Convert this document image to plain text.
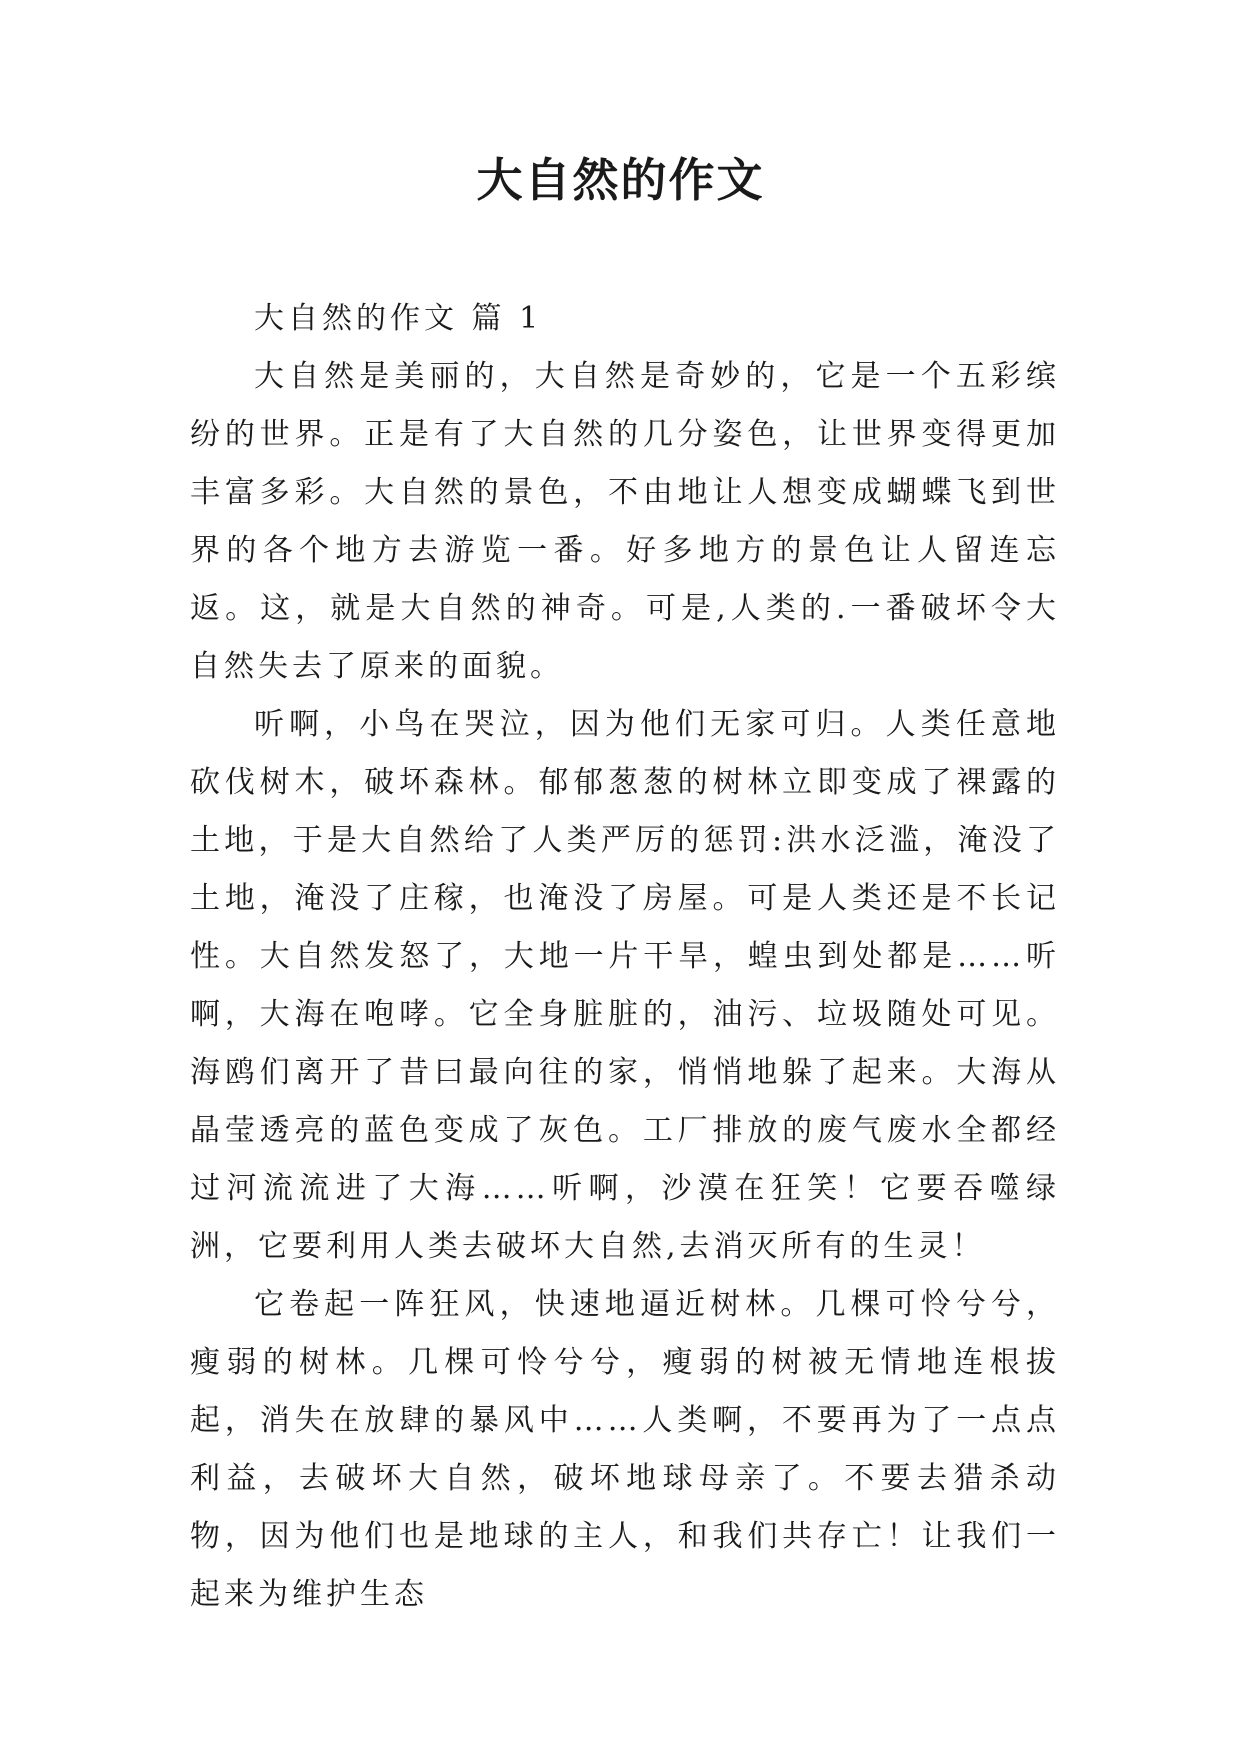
大自然的作文

大自然的作文 篇 1

大自然是美丽的，大自然是奇妙的，它是一个五彩缤纷的世界。正是有了大自然的几分姿色，让世界变得更加丰富多彩。大自然的景色，不由地让人想变成蝴蝶飞到世界的各个地方去游览一番。好多地方的景色让人留连忘返。这，就是大自然的神奇。可是,人类的.一番破坏令大自然失去了原来的面貌。

听啊，小鸟在哭泣，因为他们无家可归。人类任意地砍伐树木，破坏森林。郁郁葱葱的树林立即变成了裸露的土地，于是大自然给了人类严厉的惩罚:洪水泛滥，淹没了土地，淹没了庄稼，也淹没了房屋。可是人类还是不长记性。大自然发怒了，大地一片干旱，蝗虫到处都是……听啊，大海在咆哮。它全身脏脏的，油污、垃圾随处可见。海鸥们离开了昔曰最向往的家，悄悄地躲了起来。大海从晶莹透亮的蓝色变成了灰色。工厂排放的废气废水全都经过河流流进了大海……听啊，沙漠在狂笑！它要吞噬绿洲，它要利用人类去破坏大自然,去消灭所有的生灵！

它卷起一阵狂风，快速地逼近树林。几棵可怜兮兮，瘦弱的树林。几棵可怜兮兮，瘦弱的树被无情地连根拔起，消失在放肆的暴风中……人类啊，不要再为了一点点利益，去破坏大自然，破坏地球母亲了。不要去猎杀动物，因为他们也是地球的主人，和我们共存亡！让我们一起来为维护生态
